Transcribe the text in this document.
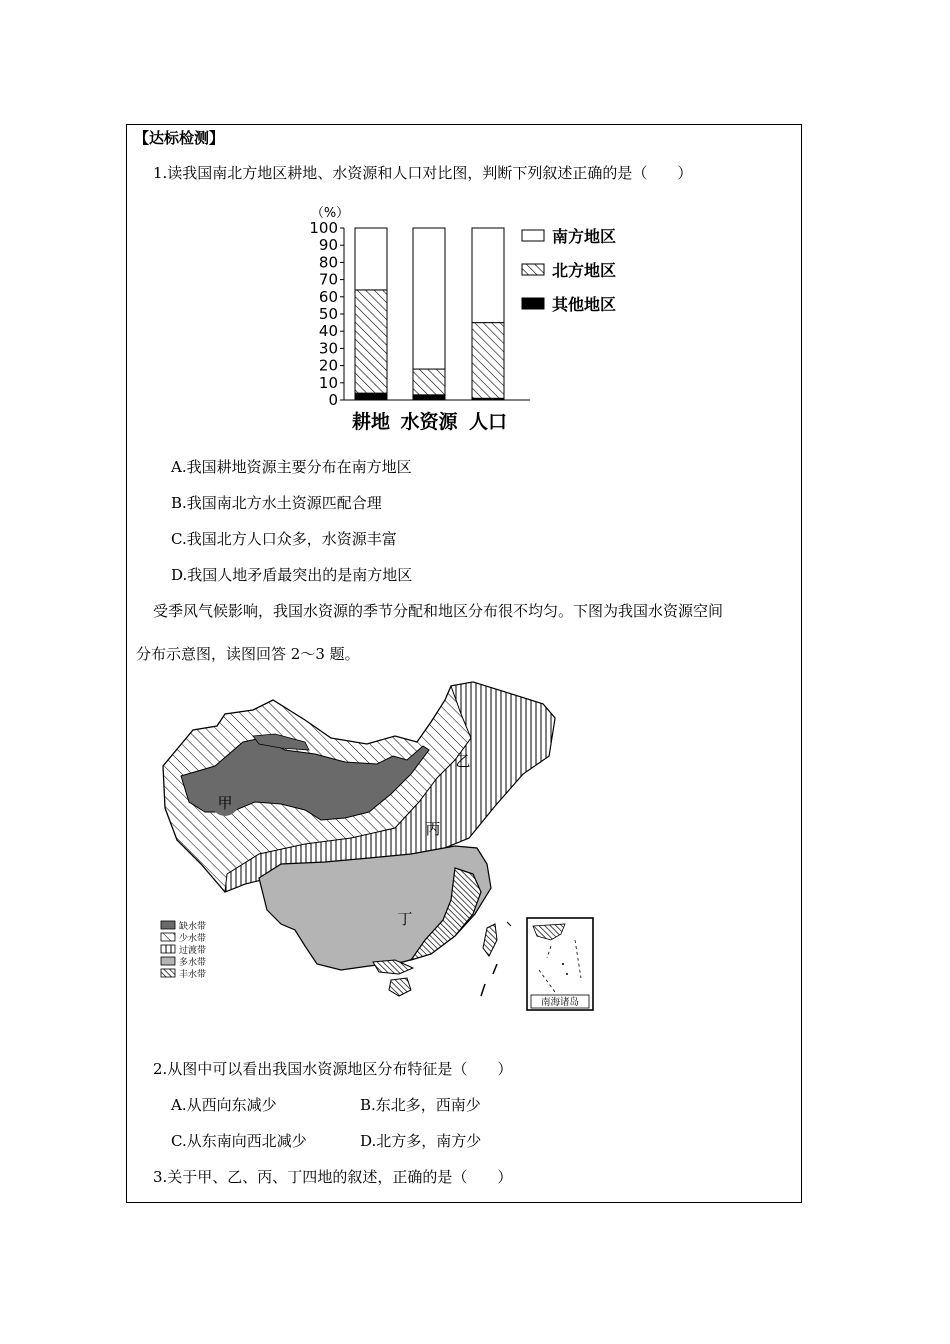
【达标检测】
1.读我国南北方地区耕地、水资源和人口对比图，判断下列叙述正确的是（　　）
（%）
0
10
20
30
40
50
60
70
80
90
100
耕地 水资源 人口
南方地区
北方地区
其他地区
A.我国耕地资源主要分布在南方地区
B.我国南北方水土资源匹配合理
C.我国北方人口众多，水资源丰富
D.我国人地矛盾最突出的是南方地区
受季风气候影响，我国水资源的季节分配和地区分布很不均匀。下图为我国水资源空间
分布示意图，读图回答 2～3 题。
甲
乙
丙
丁
缺水带
少水带
过渡带
多水带
丰水带
南海诸岛
2.从图中可以看出我国水资源地区分布特征是（　　）
A.从西向东减少	B.东北多，西南少
C.从东南向西北减少	D.北方多，南方少
3.关于甲、乙、丙、丁四地的叙述，正确的是（　　）
